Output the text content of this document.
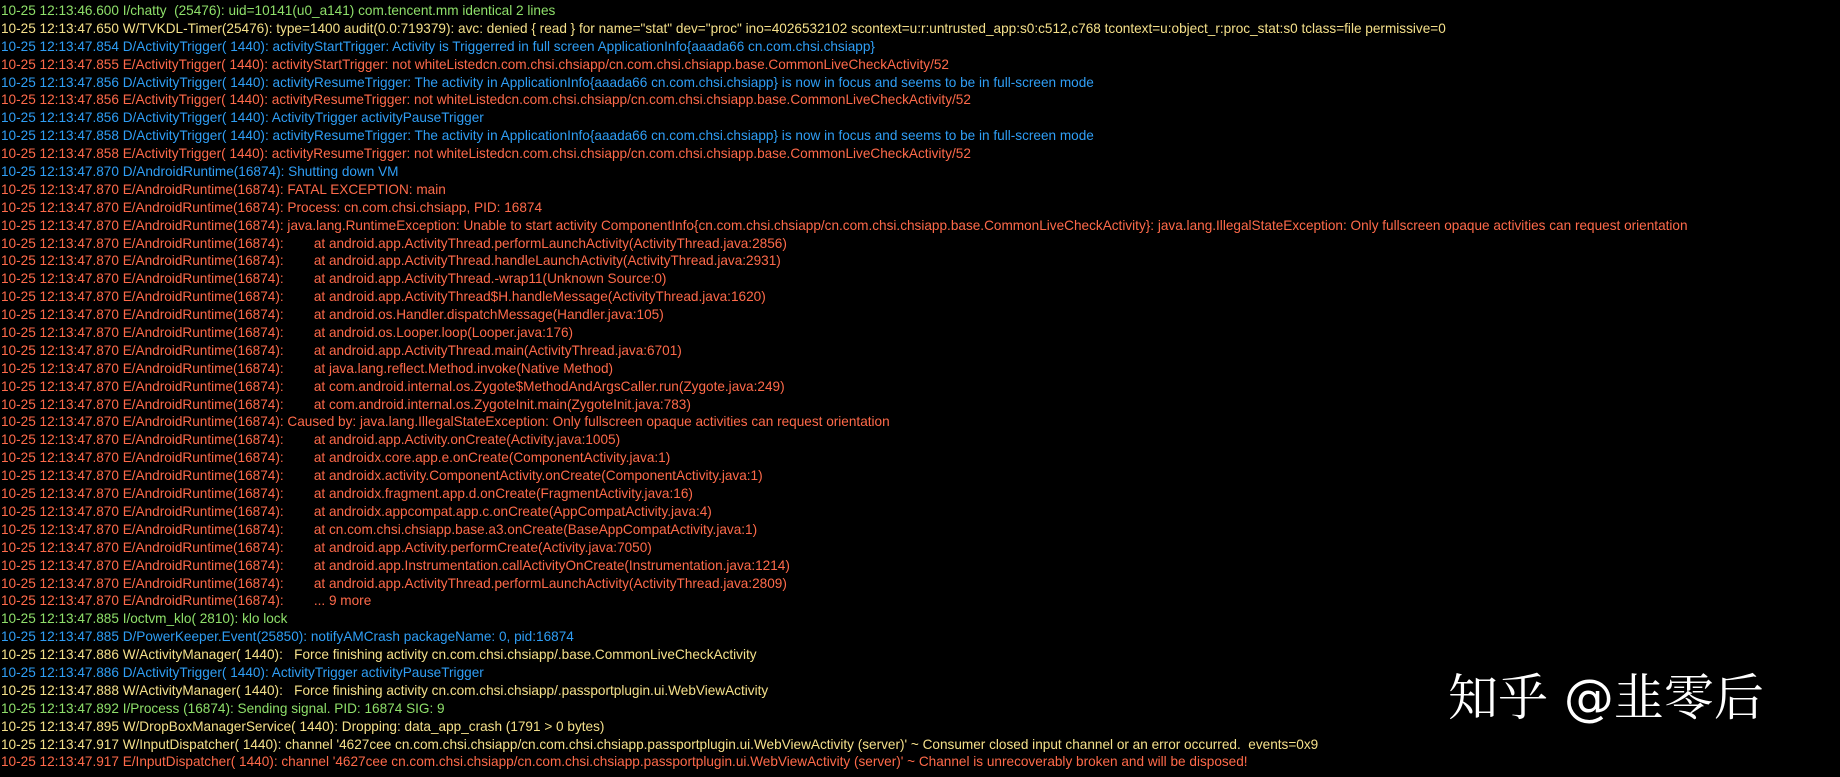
10-25 12:13:46.600 I/chatty  (25476): uid=10141(u0_a141) com.tencent.mm identical 2 lines
10-25 12:13:47.650 W/TVKDL-Timer(25476): type=1400 audit(0.0:719379): avc: denied { read } for name="stat" dev="proc" ino=4026532102 scontext=u:r:untrusted_app:s0:c512,c768 tcontext=u:object_r:proc_stat:s0 tclass=file permissive=0
10-25 12:13:47.854 D/ActivityTrigger( 1440): activityStartTrigger: Activity is Triggerred in full screen ApplicationInfo{aaada66 cn.com.chsi.chsiapp}
10-25 12:13:47.855 E/ActivityTrigger( 1440): activityStartTrigger: not whiteListedcn.com.chsi.chsiapp/cn.com.chsi.chsiapp.base.CommonLiveCheckActivity/52
10-25 12:13:47.856 D/ActivityTrigger( 1440): activityResumeTrigger: The activity in ApplicationInfo{aaada66 cn.com.chsi.chsiapp} is now in focus and seems to be in full-screen mode
10-25 12:13:47.856 E/ActivityTrigger( 1440): activityResumeTrigger: not whiteListedcn.com.chsi.chsiapp/cn.com.chsi.chsiapp.base.CommonLiveCheckActivity/52
10-25 12:13:47.856 D/ActivityTrigger( 1440): ActivityTrigger activityPauseTrigger
10-25 12:13:47.858 D/ActivityTrigger( 1440): activityResumeTrigger: The activity in ApplicationInfo{aaada66 cn.com.chsi.chsiapp} is now in focus and seems to be in full-screen mode
10-25 12:13:47.858 E/ActivityTrigger( 1440): activityResumeTrigger: not whiteListedcn.com.chsi.chsiapp/cn.com.chsi.chsiapp.base.CommonLiveCheckActivity/52
10-25 12:13:47.870 D/AndroidRuntime(16874): Shutting down VM
10-25 12:13:47.870 E/AndroidRuntime(16874): FATAL EXCEPTION: main
10-25 12:13:47.870 E/AndroidRuntime(16874): Process: cn.com.chsi.chsiapp, PID: 16874
10-25 12:13:47.870 E/AndroidRuntime(16874): java.lang.RuntimeException: Unable to start activity ComponentInfo{cn.com.chsi.chsiapp/cn.com.chsi.chsiapp.base.CommonLiveCheckActivity}: java.lang.IllegalStateException: Only fullscreen opaque activities can request orientation
10-25 12:13:47.870 E/AndroidRuntime(16874):        at android.app.ActivityThread.performLaunchActivity(ActivityThread.java:2856)
10-25 12:13:47.870 E/AndroidRuntime(16874):        at android.app.ActivityThread.handleLaunchActivity(ActivityThread.java:2931)
10-25 12:13:47.870 E/AndroidRuntime(16874):        at android.app.ActivityThread.-wrap11(Unknown Source:0)
10-25 12:13:47.870 E/AndroidRuntime(16874):        at android.app.ActivityThread$H.handleMessage(ActivityThread.java:1620)
10-25 12:13:47.870 E/AndroidRuntime(16874):        at android.os.Handler.dispatchMessage(Handler.java:105)
10-25 12:13:47.870 E/AndroidRuntime(16874):        at android.os.Looper.loop(Looper.java:176)
10-25 12:13:47.870 E/AndroidRuntime(16874):        at android.app.ActivityThread.main(ActivityThread.java:6701)
10-25 12:13:47.870 E/AndroidRuntime(16874):        at java.lang.reflect.Method.invoke(Native Method)
10-25 12:13:47.870 E/AndroidRuntime(16874):        at com.android.internal.os.Zygote$MethodAndArgsCaller.run(Zygote.java:249)
10-25 12:13:47.870 E/AndroidRuntime(16874):        at com.android.internal.os.ZygoteInit.main(ZygoteInit.java:783)
10-25 12:13:47.870 E/AndroidRuntime(16874): Caused by: java.lang.IllegalStateException: Only fullscreen opaque activities can request orientation
10-25 12:13:47.870 E/AndroidRuntime(16874):        at android.app.Activity.onCreate(Activity.java:1005)
10-25 12:13:47.870 E/AndroidRuntime(16874):        at androidx.core.app.e.onCreate(ComponentActivity.java:1)
10-25 12:13:47.870 E/AndroidRuntime(16874):        at androidx.activity.ComponentActivity.onCreate(ComponentActivity.java:1)
10-25 12:13:47.870 E/AndroidRuntime(16874):        at androidx.fragment.app.d.onCreate(FragmentActivity.java:16)
10-25 12:13:47.870 E/AndroidRuntime(16874):        at androidx.appcompat.app.c.onCreate(AppCompatActivity.java:4)
10-25 12:13:47.870 E/AndroidRuntime(16874):        at cn.com.chsi.chsiapp.base.a3.onCreate(BaseAppCompatActivity.java:1)
10-25 12:13:47.870 E/AndroidRuntime(16874):        at android.app.Activity.performCreate(Activity.java:7050)
10-25 12:13:47.870 E/AndroidRuntime(16874):        at android.app.Instrumentation.callActivityOnCreate(Instrumentation.java:1214)
10-25 12:13:47.870 E/AndroidRuntime(16874):        at android.app.ActivityThread.performLaunchActivity(ActivityThread.java:2809)
10-25 12:13:47.870 E/AndroidRuntime(16874):        ... 9 more
10-25 12:13:47.885 I/octvm_klo( 2810): klo lock
10-25 12:13:47.885 D/PowerKeeper.Event(25850): notifyAMCrash packageName: 0, pid:16874
10-25 12:13:47.886 W/ActivityManager( 1440):   Force finishing activity cn.com.chsi.chsiapp/.base.CommonLiveCheckActivity
10-25 12:13:47.886 D/ActivityTrigger( 1440): ActivityTrigger activityPauseTrigger
10-25 12:13:47.888 W/ActivityManager( 1440):   Force finishing activity cn.com.chsi.chsiapp/.passportplugin.ui.WebViewActivity
10-25 12:13:47.892 I/Process (16874): Sending signal. PID: 16874 SIG: 9
10-25 12:13:47.895 W/DropBoxManagerService( 1440): Dropping: data_app_crash (1791 > 0 bytes)
10-25 12:13:47.917 W/InputDispatcher( 1440): channel '4627cee cn.com.chsi.chsiapp/cn.com.chsi.chsiapp.passportplugin.ui.WebViewActivity (server)' ~ Consumer closed input channel or an error occurred.  events=0x9
10-25 12:13:47.917 E/InputDispatcher( 1440): channel '4627cee cn.com.chsi.chsiapp/cn.com.chsi.chsiapp.passportplugin.ui.WebViewActivity (server)' ~ Channel is unrecoverably broken and will be disposed!
知乎 @韭零后
